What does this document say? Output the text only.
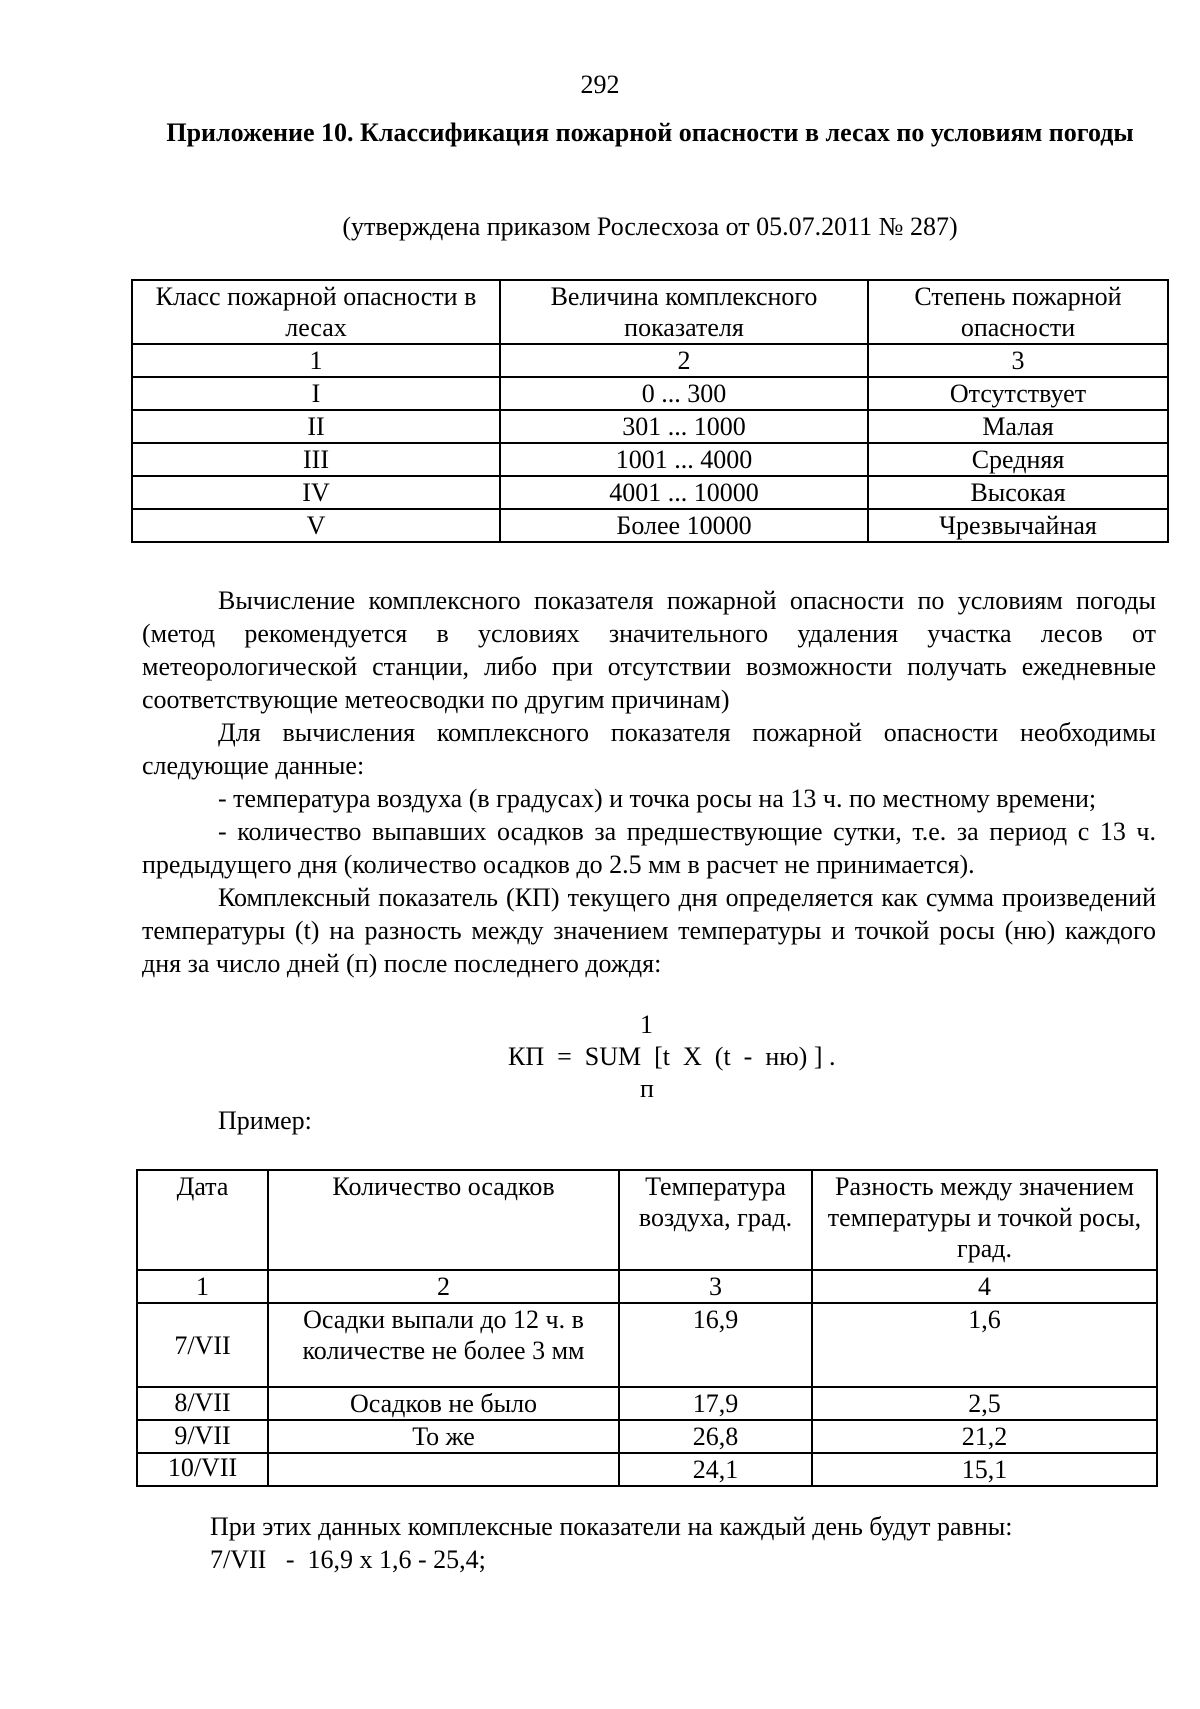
292
Приложение 10. Классификация пожарной опасности в лесах по условиям погоды
(утверждена приказом Рослесхоза от 05.07.2011 № 287)
Класс пожарной опасности в лесах	Величина комплексного показателя	Степень пожарной опасности
1	2	3
I	0 ... 300	Отсутствует
II	301 ... 1000	Малая
III	1001 ... 4000	Средняя
IV	4001 ... 10000	Высокая
V	Более 10000	Чрезвычайная

Вычисление комплексного показателя пожарной опасности по условиям погоды (метод рекомендуется в условиях значительного удаления участка лесов от метеорологической станции, либо при отсутствии возможности получать ежедневные соответствующие метеосводки по другим причинам)

Для вычисления комплексного показателя пожарной опасности необходимы следующие данные:

- температура воздуха (в градусах) и точка росы на 13 ч. по местному времени;

- количество выпавших осадков за предшествующие сутки, т.е. за период с 13 ч. предыдущего дня (количество осадков до 2.5 мм в расчет не принимается).

Комплексный показатель (КП) текущего дня определяется как сумма произведений температуры (t) на разность между значением температуры и точкой росы (ню) каждого дня за число дней (п) после последнего дождя:

1
КП  =  SUM  [t  X  (t  -  ню) ] .
п
Пример:
Дата	Количество осадков	Температура воздуха, град.	Разность между значением температуры и точкой росы, град.
1	2	3	4
7/VII	Осадки выпали до 12 ч. в количестве не более 3 мм	16,9	1,6
8/VII	Осадков не было	17,9	2,5
9/VII	То же	26,8	21,2
10/VII		24,1	15,1
При этих данных комплексные показатели на каждый день будут равны:
7/VII   -  16,9 х 1,6 - 25,4;
